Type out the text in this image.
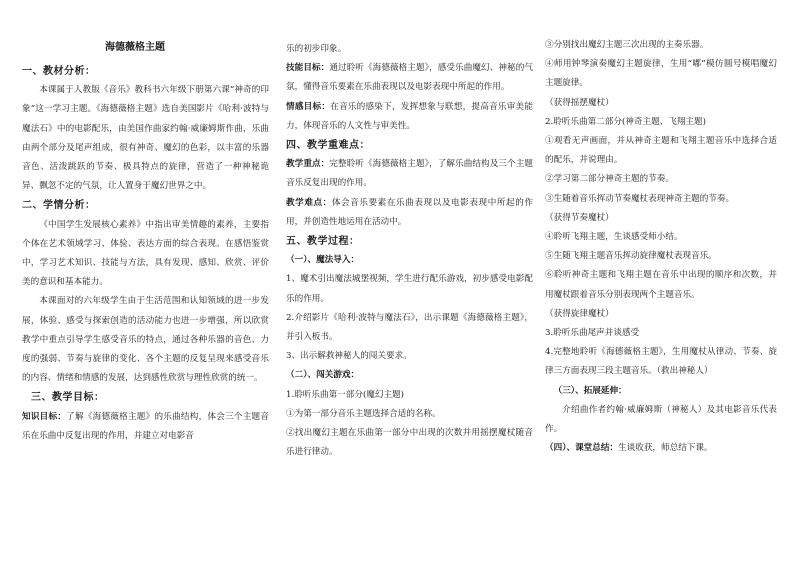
海德薇格主题

一、教材分析：

本课属于人教版《音乐》教科书六年级下册第六课“神奇的印象”这一学习主题。《海德薇格主题》选自美国影片《哈利·波特与魔法石》中的电影配乐，由美国作曲家约翰·威廉姆斯作曲，乐曲由两个部分及尾声组成，很有神奇、魔幻的色彩，以丰富的乐器音色、活泼跳跃的节奏、极具特点的旋律，营造了一种神秘诡异、飘忽不定的气氛，让人置身于魔幻世界之中。

二、学情分析：

《中国学生发展核心素养》中指出审美情趣的素养，主要指个体在艺术领域学习、体验、表达方面的综合表现。在感悟鉴赏中，学习艺术知识、技能与方法，具有发现、感知、欣赏、评价美的意识和基本能力。

本课面对的六年级学生由于生活范围和认知领域的进一步发展，体验、感受与探索创造的活动能力也进一步增强，所以欣赏教学中重点引导学生感受音乐的特点，通过各种乐器的音色、力度的强弱、节奏与旋律的变化、各个主题的反复呈现来感受音乐的内容、情绪和情感的发展，达到感性欣赏与理性欣赏的统一。

三、教学目标：

知识目标：了解《海德薇格主题》的乐曲结构，体会三个主题音乐在乐曲中反复出现的作用，并建立对电影音

乐的初步印象。

技能目标：通过聆听《海德薇格主题》，感受乐曲魔幻、神秘的气氛，懂得音乐要素在乐曲表现以及电影表现中所起的作用。

情感目标：在音乐的感染下，发挥想象与联想，提高音乐审美能力，体现音乐的人文性与审美性。

四、教学重难点：

教学重点：完整聆听《海德薇格主题》，了解乐曲结构及三个主题音乐反复出现的作用。

教学难点：体会音乐要素在乐曲表现以及电影表现中所起的作用，并创造性地运用在活动中。

五、教学过程：

（一）、魔法导入：

1、魔术引出魔法城堡视频，学生进行配乐游戏，初步感受电影配乐的作用。

2.介绍影片《哈利·波特与魔法石》，出示课题《海德薇格主题》，并引入板书。

3、出示解救神秘人的闯关要求。

（二）、闯关游戏：

1.聆听乐曲第一部分(魔幻主题)

①为第一部分音乐主题选择合适的名称。

②找出魔幻主题在乐曲第一部分中出现的次数并用摇摆魔杖随音乐进行律动。

③分别找出魔幻主题三次出现的主奏乐器。

④师用钟琴演奏魔幻主题旋律，生用“嘟”模仿圆号模唱魔幻主题旋律。

（获得摇摆魔杖）

2.聆听乐曲第二部分(神奇主题、飞翔主题)

①观看无声画面，并从神奇主题和飞翔主题音乐中选择合适的配乐，并说理由。

②学习第二部分神奇主题的节奏。

③生随着音乐挥动节奏魔杖表现神奇主题的节奏。

（获得节奏魔杖）

④聆听飞翔主题，生谈感受师小结。

⑤生随飞翔主题音乐挥动旋律魔杖表现音乐。

⑥聆听神奇主题和飞翔主题在音乐中出现的顺序和次数，并用魔杖跟着音乐分别表现两个主题音乐。

（获得旋律魔杖）

3.聆听乐曲尾声并谈感受

4.完整地聆听《海德薇格主题》，生用魔杖从律动、节奏、旋律三方面表现三段主题音乐。（救出神秘人）

（三）、拓展延伸：

介绍曲作者约翰·威廉姆斯（神秘人）及其电影音乐代表作。

（四）、课堂总结：生谈收获，师总结下课。
